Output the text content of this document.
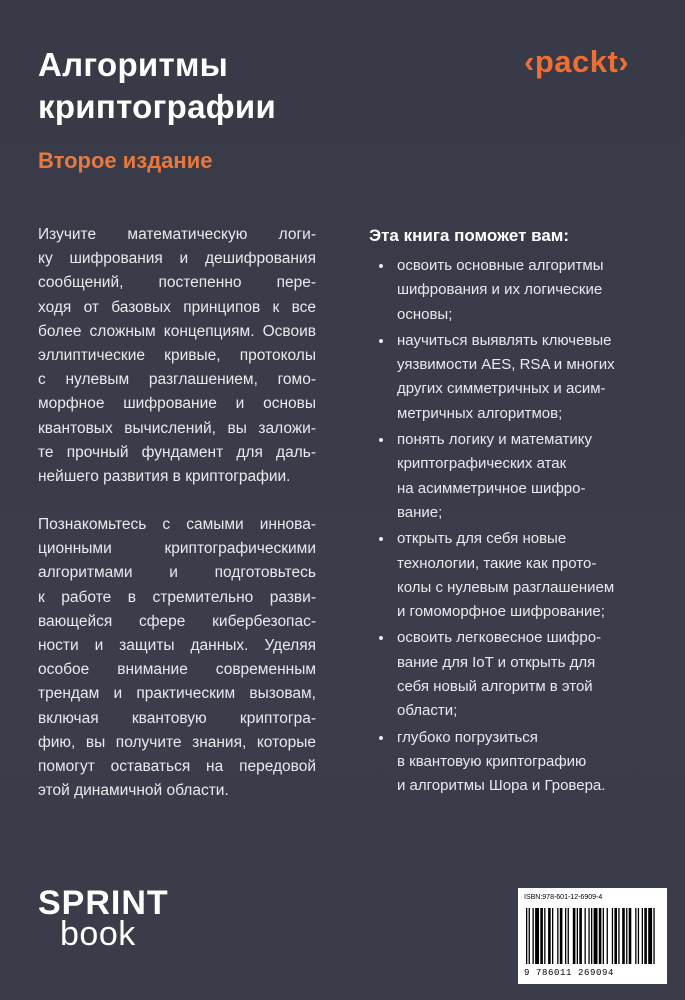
Алгоритмы
криптографии
Второе издание
‹packt›
Изучите математическую логи-
ку шифрования и дешифрования
сообщений, постепенно пере-
ходя от базовых принципов к все
более сложным концепциям. Освоив
эллиптические кривые, протоколы
с нулевым разглашением, гомо-
морфное шифрование и основы
квантовых вычислений, вы заложи-
те прочный фундамент для даль-
нейшего развития в криптографии.
Познакомьтесь с самыми иннова-
ционными криптографическими
алгоритмами и подготовьтесь
к работе в стремительно разви-
вающейся сфере кибербезопас-
ности и защиты данных. Уделяя
особое внимание современным
трендам и практическим вызовам,
включая квантовую криптогра-
фию, вы получите знания, которые
помогут оставаться на передовой
этой динамичной области.
Эта книга поможет вам:
освоить основные алгоритмы
шифрования и их логические
основы;
научиться выявлять ключевые
уязвимости AES, RSA и многих
других симметричных и асим-
метричных алгоритмов;
понять логику и математику
криптографических атак
на асимметричное шифро-
вание;
открыть для себя новые
технологии, такие как прото-
колы с нулевым разглашением
и гомоморфное шифрование;
освоить легковесное шифро-
вание для IoT и открыть для
себя новый алгоритм в этой
области;
глубоко погрузиться
в квантовую криптографию
и алгоритмы Шора и Гровера.
SPRINT
book
ISBN:978-601-12-6909-4
9 786011 269094
